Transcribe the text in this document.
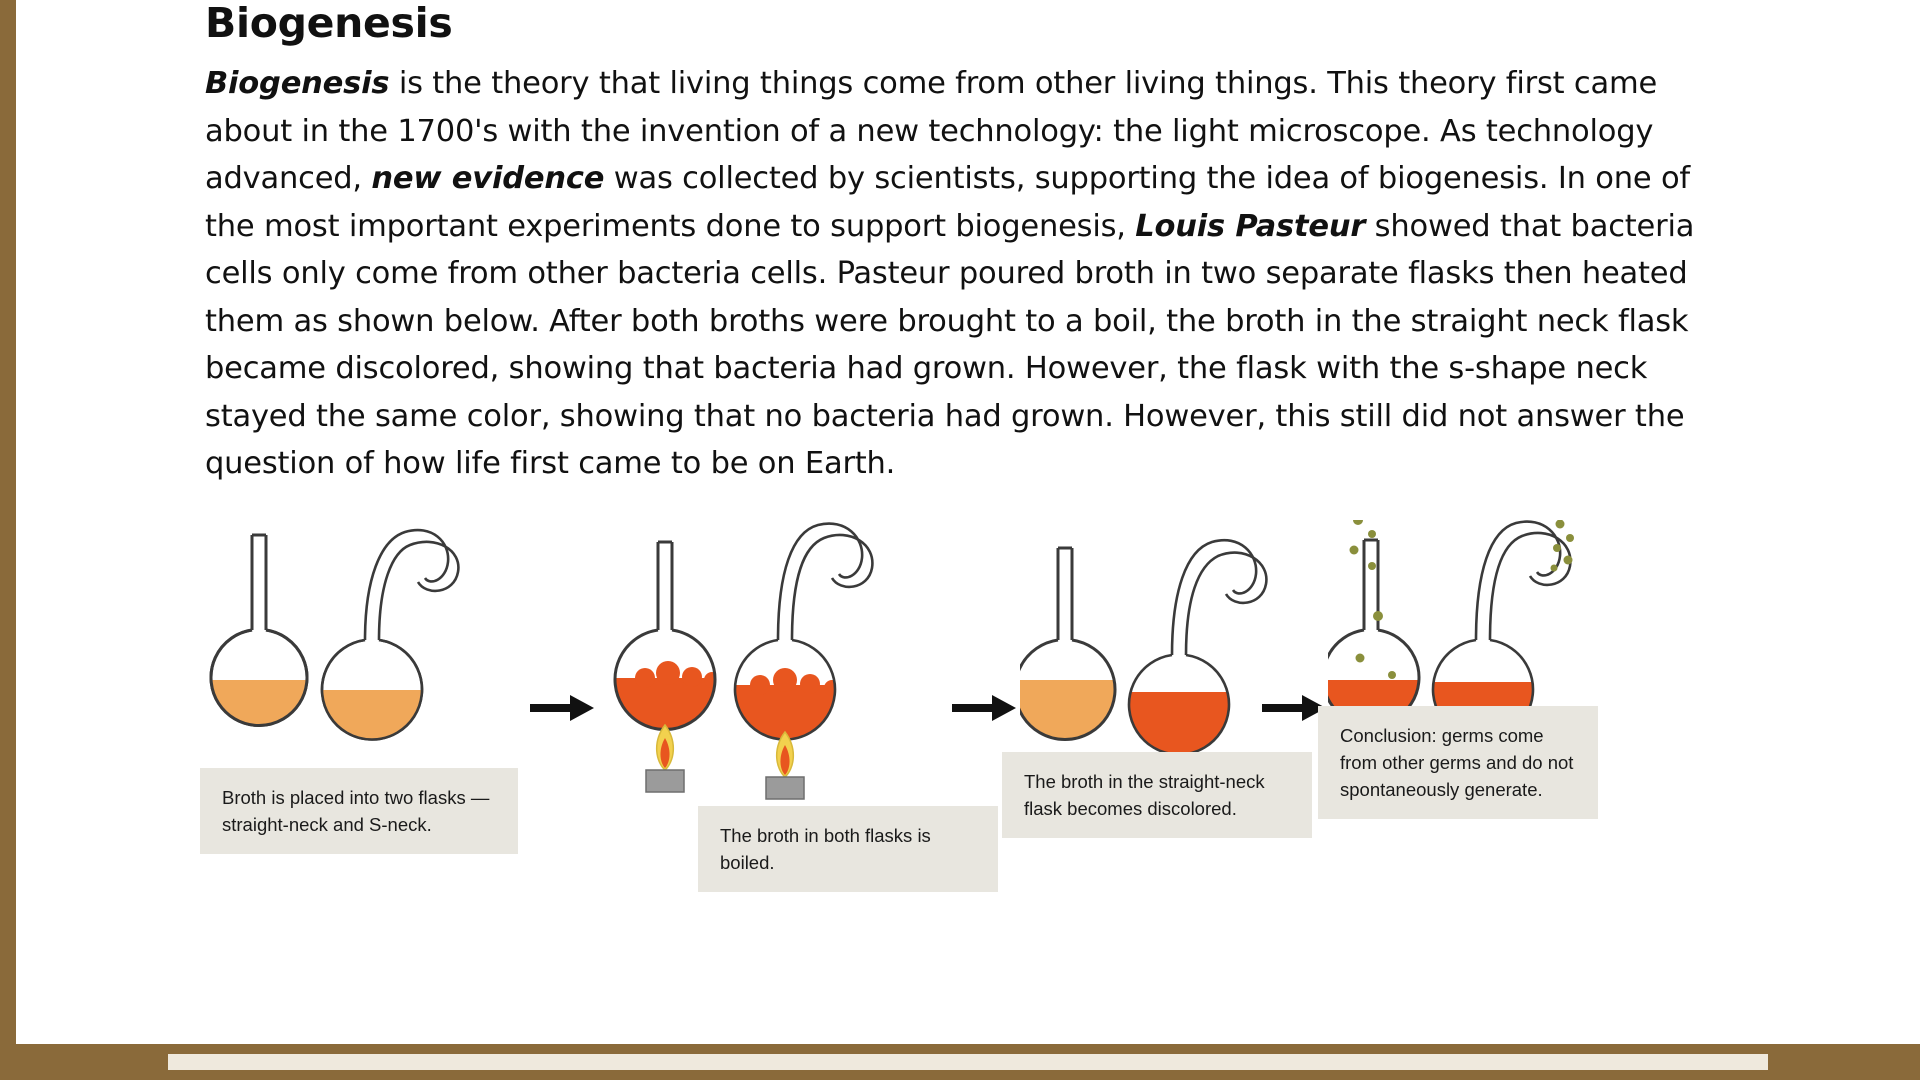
Biogenesis
Biogenesis is the theory that living things come from other living things. This theory first came about in the 1700's with the invention of a new technology: the light microscope. As technology advanced, new evidence was collected by scientists, supporting the idea of biogenesis. In one of the most important experiments done to support biogenesis, Louis Pasteur showed that bacteria cells only come from other bacteria cells. Pasteur poured broth in two separate flasks then heated them as shown below. After both broths were brought to a boil, the broth in the straight neck flask became discolored, showing that bacteria had grown. However, the flask with the s-shape neck stayed the same color, showing that no bacteria had grown. However, this still did not answer the question of how life first came to be on Earth.
Broth is placed into two flasks — straight-neck and S-neck.
The broth in both flasks is boiled.
The broth in the straight-neck flask becomes discolored.
Conclusion: germs come from other germs and do not spontaneously generate.
